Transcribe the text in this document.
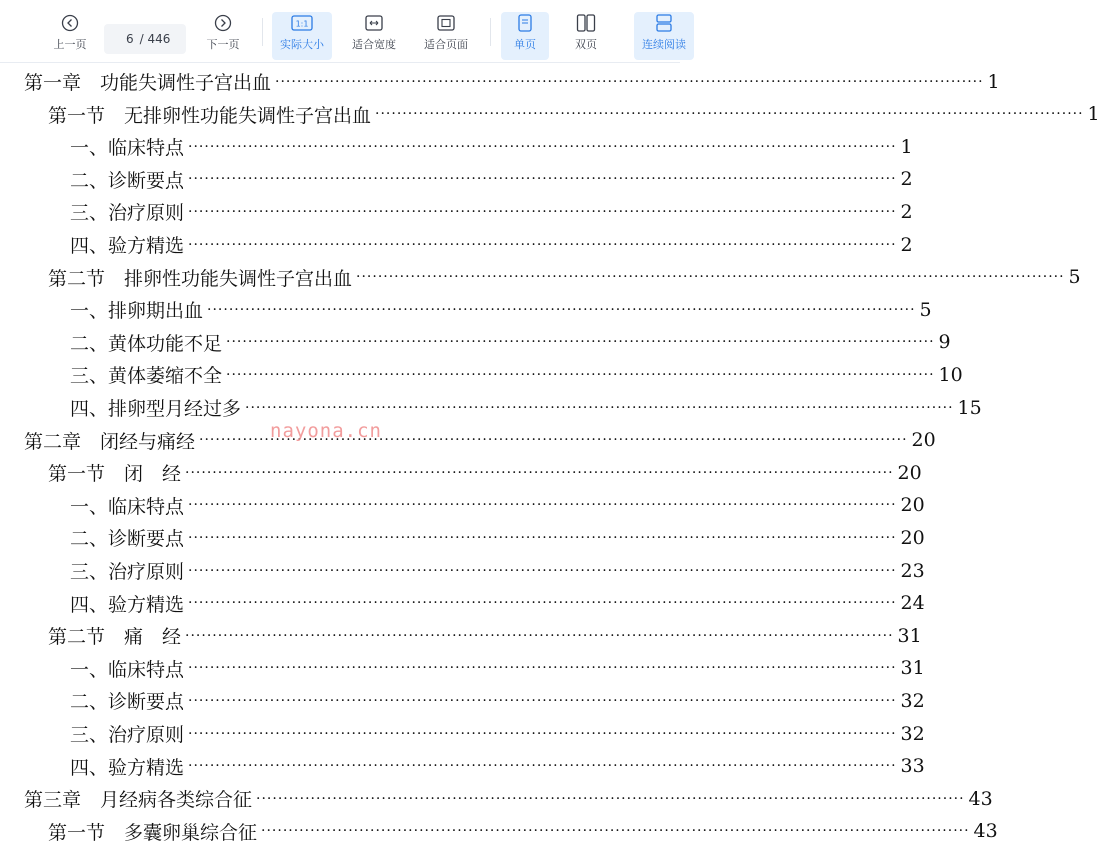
上一页
6	/ 446	下一页
1:1
实际大小	适合宽度	适合页面	单页	双页	连续阅读
第一章　功能失调性子宫出血 ·····	1
第一节　无排卵性功能失调性子宫出血 ·····	1
一、临床特点 ·····	1
二、诊断要点 ·····	2
三、治疗原则 ·····	2
四、验方精选 ·····	2
第二节　排卵性功能失调性子宫出血 ·····	5
一、排卵期出血 ·····	5
二、黄体功能不足 ·····	9
三、黄体萎缩不全 ·····	10
四、排卵型月经过多 ·····	15
第二章　闭经与痛经 ·····	20
第一节　闭　经 ·····	20
一、临床特点 ·····	20
二、诊断要点 ·····	20
三、治疗原则 ·····	23
四、验方精选 ·····	24
第二节　痛　经 ·····	31
一、临床特点 ·····	31
二、诊断要点 ·····	32
三、治疗原则 ·····	32
四、验方精选 ·····	33
第三章　月经病各类综合征 ·····	43
第一节　多囊卵巢综合征 ·····	43
nayona.cn
